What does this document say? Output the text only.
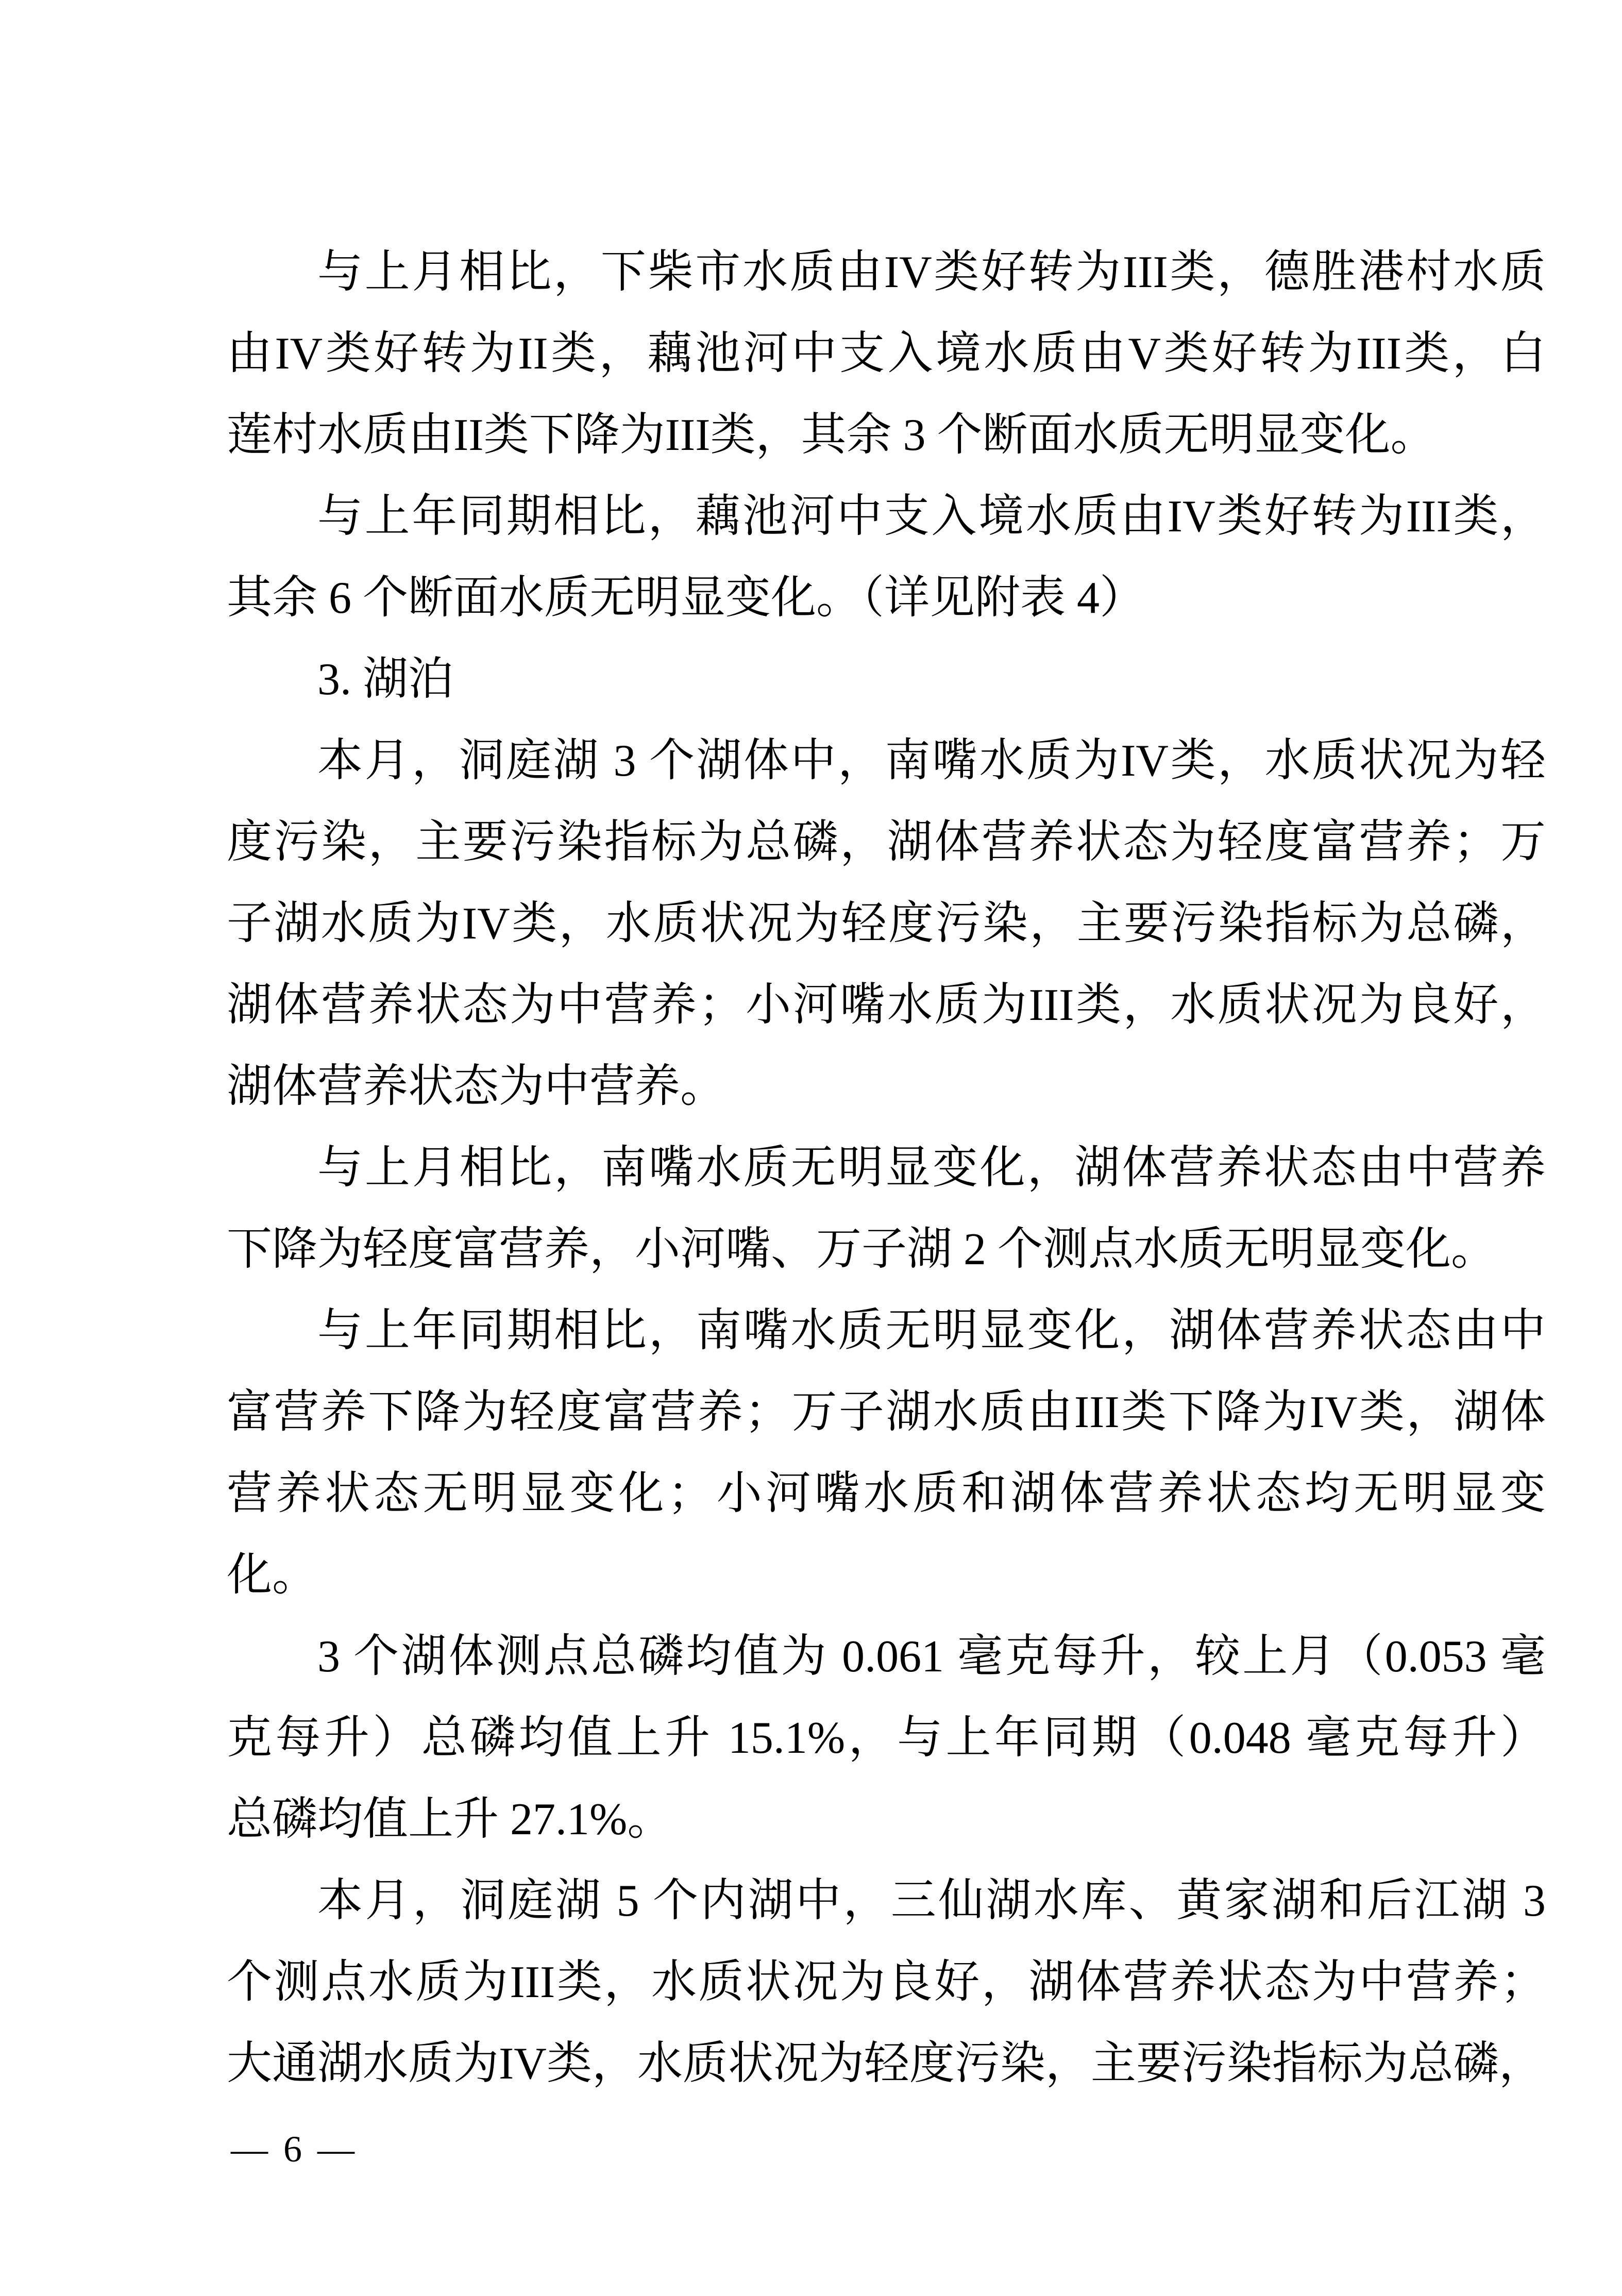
与上月相比，下柴市水质由IV类好转为III类，德胜港村水质
由IV类好转为II类，藕池河中支入境水质由V类好转为III类，白
莲村水质由II类下降为III类，其余 3 个断面水质无明显变化。
与上年同期相比，藕池河中支入境水质由IV类好转为III类，
其余 6 个断面水质无明显变化。（详见附表 4）
3. 湖泊
本月，洞庭湖 3 个湖体中，南嘴水质为IV类，水质状况为轻
度污染，主要污染指标为总磷，湖体营养状态为轻度富营养；万
子湖水质为IV类，水质状况为轻度污染，主要污染指标为总磷，
湖体营养状态为中营养；小河嘴水质为III类，水质状况为良好，
湖体营养状态为中营养。
与上月相比，南嘴水质无明显变化，湖体营养状态由中营养
下降为轻度富营养，小河嘴、万子湖 2 个测点水质无明显变化。
与上年同期相比，南嘴水质无明显变化，湖体营养状态由中
富营养下降为轻度富营养；万子湖水质由III类下降为IV类，湖体
营养状态无明显变化；小河嘴水质和湖体营养状态均无明显变
化。
3 个湖体测点总磷均值为 0.061 毫克每升，较上月（0.053 毫
克每升）总磷均值上升 15.1%，与上年同期（0.048 毫克每升）
总磷均值上升 27.1%。
本月，洞庭湖 5 个内湖中，三仙湖水库、黄家湖和后江湖 3
个测点水质为III类，水质状况为良好，湖体营养状态为中营养；
大通湖水质为IV类，水质状况为轻度污染，主要污染指标为总磷，
— 6 —
